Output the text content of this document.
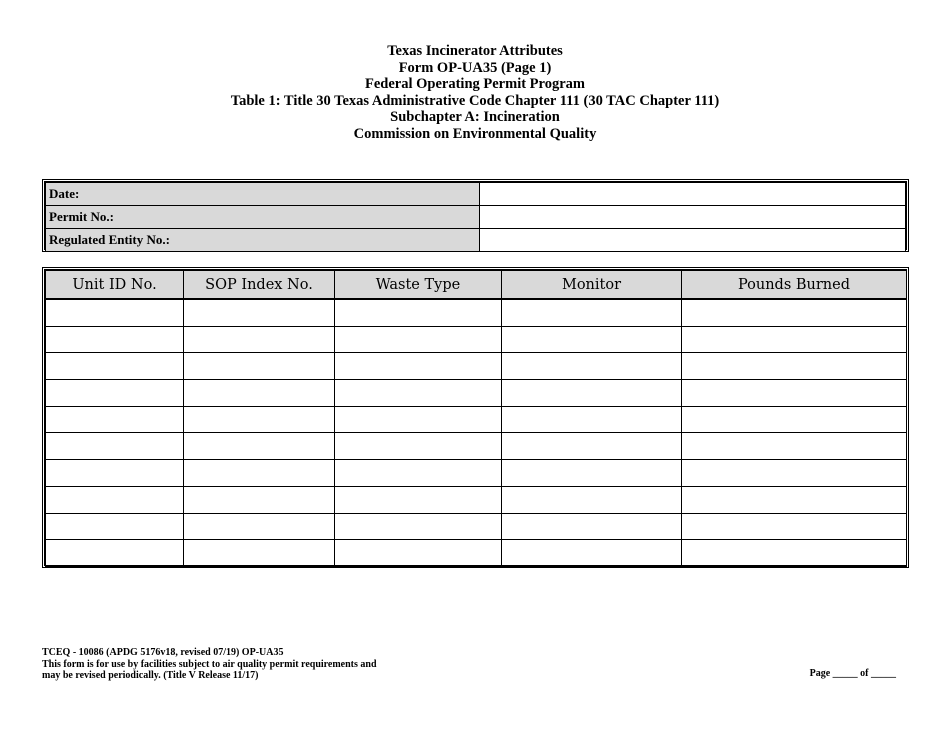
Texas Incinerator Attributes
Form OP-UA35 (Page 1)
Federal Operating Permit Program
Table 1: Title 30 Texas Administrative Code Chapter 111 (30 TAC Chapter 111)
Subchapter A: Incineration
Commission on Environmental Quality
Date:	
Permit No.:	
Regulated Entity No.:	
Unit ID No.	SOP Index No.	Waste Type	Monitor	Pounds Burned

TCEQ - 10086 (APDG 5176v18, revised 07/19) OP-UA35
This form is for use by facilities subject to air quality permit requirements and
may be revised periodically. (Title V Release 11/17)	Page _____ of _____
